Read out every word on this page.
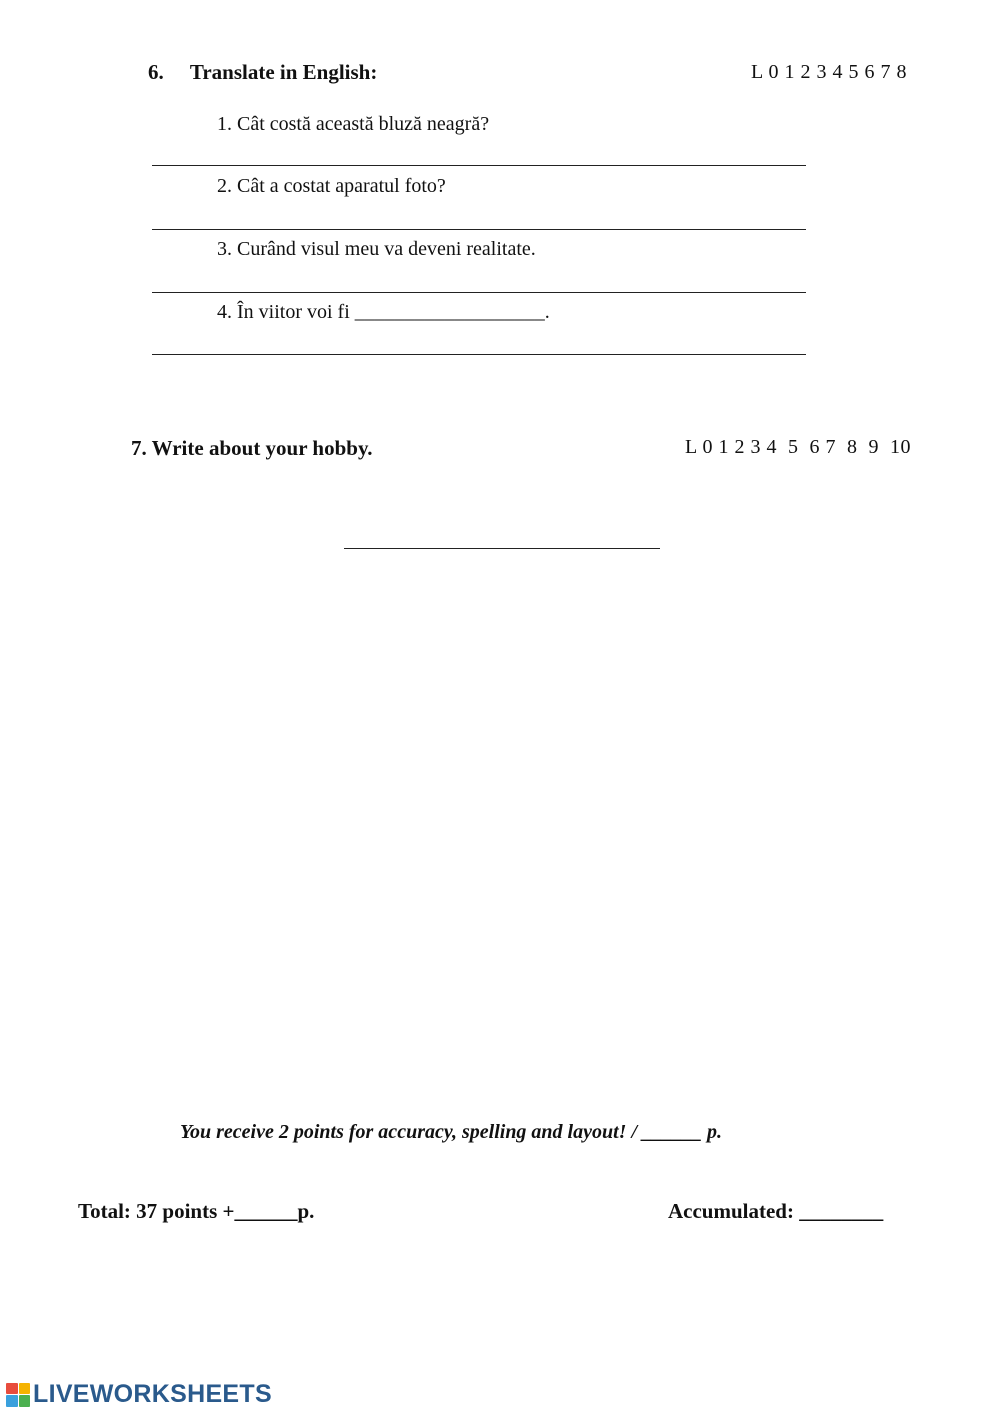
6. Translate in English:	L 0 1 2 3 4 5 6 7 8
1. Cât costă această bluză neagră?
2. Cât a costat aparatul foto?
3. Curând visul meu va deveni realitate.
4. În viitor voi fi ___________________.
7. Write about your hobby.	L 0 1 2 3 4  5  6 7  8  9  10
You receive 2 points for accuracy, spelling and layout! / ______ p.
Total: 37 points +______p.	Accumulated: ________
LIVEWORKSHEETS
